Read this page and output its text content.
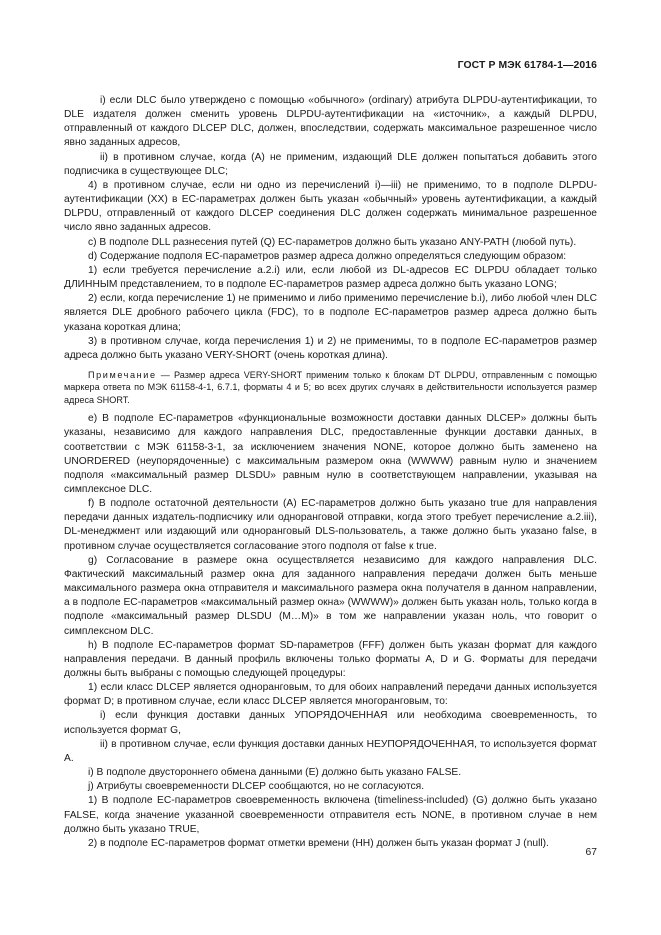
ГОСТ Р МЭК 61784-1—2016

i) если DLC было утверждено с помощью «обычного» (ordinary) атрибута DLPDU-аутентификации, то DLE издателя должен сменить уровень DLPDU-аутентификации на «источник», а каждый DLPDU, отправленный от каждого DLCEP DLC, должен, впоследствии, содержать максимальное разрешенное число явно заданных адресов,

ii) в противном случае, когда (A) не применим, издающий DLE должен попытаться добавить этого подписчика в существующее DLC;

4) в противном случае, если ни одно из перечислений i)—iii) не применимо, то в подполе DLPDU-аутентификации (XX) в EC-параметрах должен быть указан «обычный» уровень аутентификации, а каждый DLPDU, отправленный от каждого DLCEP соединения DLC должен содержать минимальное разрешенное число явно заданных адресов.

c) В подполе DLL разнесения путей (Q) EC-параметров должно быть указано ANY-PATH (любой путь).

d) Содержание подполя EC-параметров размер адреса должно определяться следующим образом:

1) если требуется перечисление a.2.i) или, если любой из DL-адресов EC DLPDU обладает только ДЛИННЫМ представлением, то в подполе EC-параметров размер адреса должно быть указано LONG;

2) если, когда перечисление 1) не применимо и либо применимо перечисление b.i), либо любой член DLC является DLE дробного рабочего цикла (FDC), то в подполе EC-параметров размер адреса должно быть указана короткая длина;

3) в противном случае, когда перечисления 1) и 2) не применимы, то в подполе EC-параметров размер адреса должно быть указано VERY-SHORT (очень короткая длина).

Примечание — Размер адреса VERY-SHORT применим только к блокам DT DLPDU, отправленным с помощью маркера ответа по МЭК 61158-4-1, 6.7.1, форматы 4 и 5; во всех других случаях в действительности используется размер адреса SHORT.

e) В подполе EC-параметров «функциональные возможности доставки данных DLCEP» должны быть указаны, независимо для каждого направления DLC, предоставленные функции доставки данных, в соответствии с МЭК 61158-3-1, за исключением значения NONE, которое должно быть заменено на UNORDERED (неупорядоченные) с максимальным размером окна (WWWW) равным нулю и значением подполя «максимальный размер DLSDU» равным нулю в соответствующем направлении, указывая на симплексное DLC.

f) В подполе остаточной деятельности (A) EC-параметров должно быть указано true для направления передачи данных издатель-подписчику или одноранговой отправки, когда этого требует перечисление a.2.iii), DL-менеджмент или издающий или одноранговый DLS-пользователь, а также должно быть указано false, в противном случае осуществляется согласование этого подполя от false к true.

g) Согласование в размере окна осуществляется независимо для каждого направления DLC. Фактический максимальный размер окна для заданного направления передачи должен быть меньше максимального размера окна отправителя и максимального размера окна получателя в данном направлении, а в подполе EC-параметров «максимальный размер окна» (WWWW)» должен быть указан ноль, только когда в подполе «максимальный размер DLSDU (M…M)» в том же направлении указан ноль, что говорит о симплексном DLC.

h) В подполе EC-параметров формат SD-параметров (FFF) должен быть указан формат для каждого направления передачи. В данный профиль включены только форматы A, D и G. Форматы для передачи должны быть выбраны с помощью следующей процедуры:

1) если класс DLCEP является одноранговым, то для обоих направлений передачи данных используется формат D; в противном случае, если класс DLCEP является многоранговым, то:

i) если функция доставки данных УПОРЯДОЧЕННАЯ или необходима своевременность, то используется формат G,

ii) в противном случае, если функция доставки данных НЕУПОРЯДОЧЕННАЯ, то используется формат A.

i) В подполе двустороннего обмена данными (E) должно быть указано FALSE.

j) Атрибуты своевременности DLCEP сообщаются, но не согласуются.

1) В подполе EC-параметров своевременность включена (timeliness-included) (G) должно быть указано FALSE, когда значение указанной своевременности отправителя есть NONE, в противном случае в нем должно быть указано TRUE,

2) в подполе EC-параметров формат отметки времени (HH) должен быть указан формат J (null).

67
